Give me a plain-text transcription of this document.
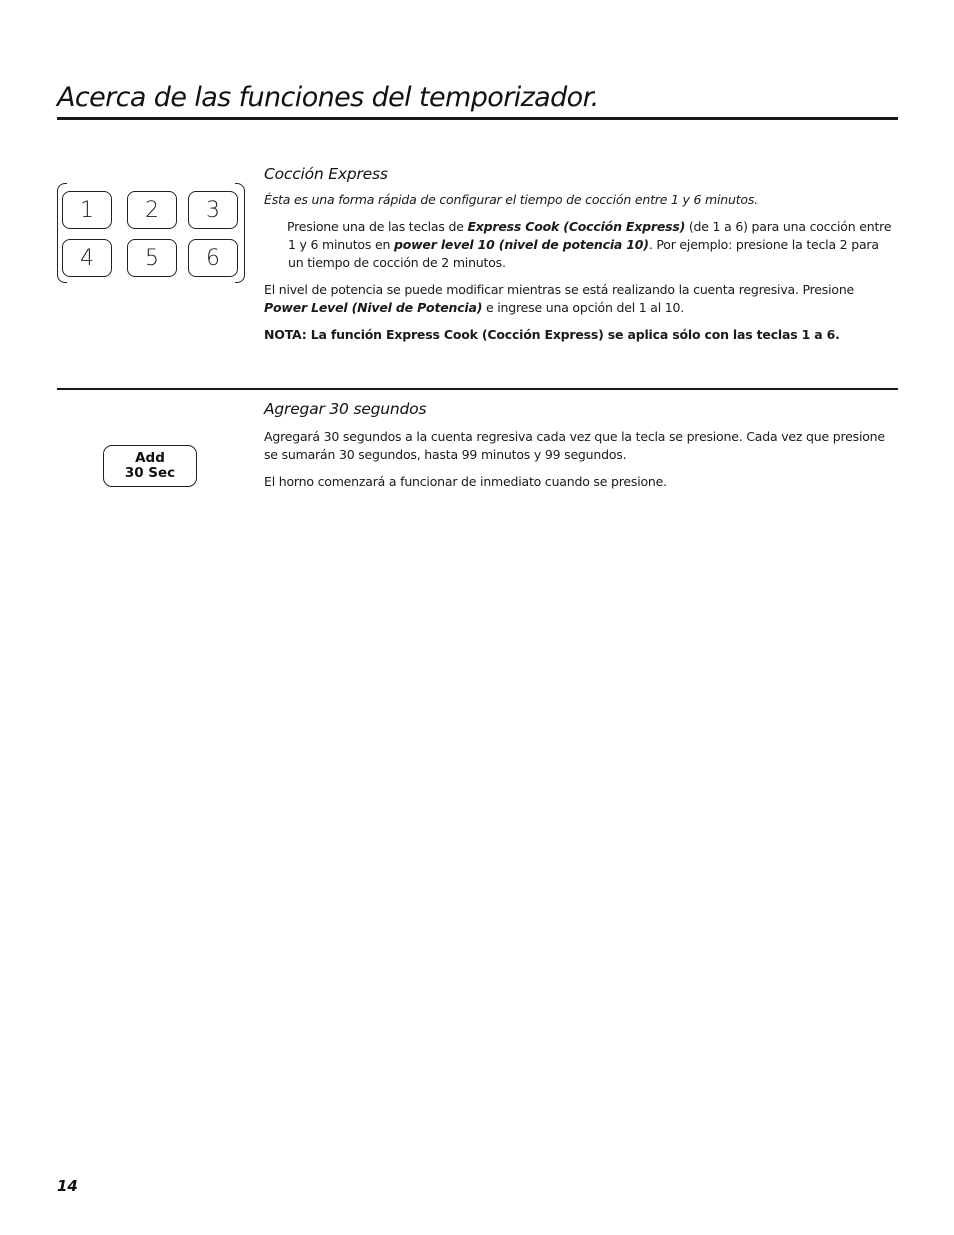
Acerca de las funciones del temporizador.
1	2	3
4	5	6
Cocción Express

Ésta es una forma rápida de configurar el tiempo de cocción entre 1 y 6 minutos.

Presione una de las teclas de Express Cook (Cocción Express) (de 1 a 6) para una cocción entre 1 y 6 minutos en power level 10 (nivel de potencia 10). Por ejemplo: presione la tecla 2 para un tiempo de cocción de 2 minutos.

El nivel de potencia se puede modificar mientras se está realizando la cuenta regresiva. Presione Power Level (Nivel de Potencia) e ingrese una opción del 1 al 10.

NOTA: La función Express Cook (Cocción Express) se aplica sólo con las teclas 1 a 6.

Add
30 Sec
Agregar 30 segundos

Agregará 30 segundos a la cuenta regresiva cada vez que la tecla se presione. Cada vez que presione se sumarán 30 segundos, hasta 99 minutos y 99 segundos.

El horno comenzará a funcionar de inmediato cuando se presione.

14
